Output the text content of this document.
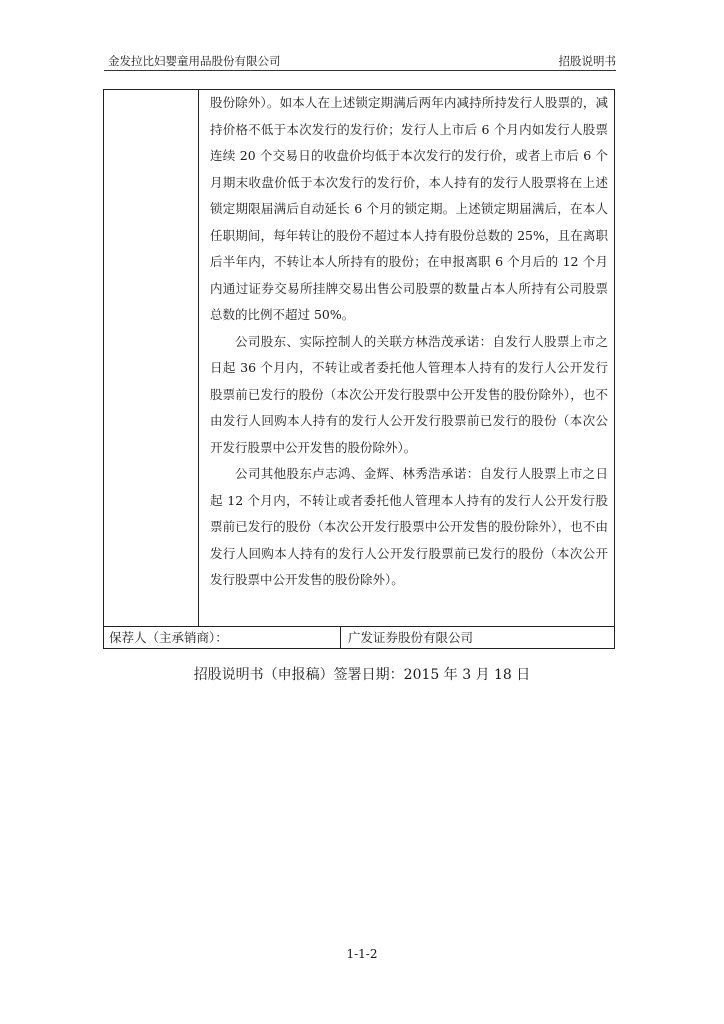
金发拉比妇婴童用品股份有限公司	招股说明书

股份除外）。如本人在上述锁定期满后两年内减持所持发行人股票的，减持价格不低于本次发行的发行价；发行人上市后 6 个月内如发行人股票连续 20 个交易日的收盘价均低于本次发行的发行价，或者上市后 6 个月期末收盘价低于本次发行的发行价，本人持有的发行人股票将在上述锁定期限届满后自动延长 6 个月的锁定期。上述锁定期届满后，在本人任职期间，每年转让的股份不超过本人持有股份总数的 25%，且在离职后半年内，不转让本人所持有的股份；在申报离职 6 个月后的 12 个月内通过证券交易所挂牌交易出售公司股票的数量占本人所持有公司股票总数的比例不超过 50%。

公司股东、实际控制人的关联方林浩茂承诺：自发行人股票上市之日起 36 个月内，不转让或者委托他人管理本人持有的发行人公开发行股票前已发行的股份（本次公开发行股票中公开发售的股份除外），也不由发行人回购本人持有的发行人公开发行股票前已发行的股份（本次公开发行股票中公开发售的股份除外）。

公司其他股东卢志鸿、金辉、林秀浩承诺：自发行人股票上市之日起 12 个月内，不转让或者委托他人管理本人持有的发行人公开发行股票前已发行的股份（本次公开发行股票中公开发售的股份除外），也不由发行人回购本人持有的发行人公开发行股票前已发行的股份（本次公开发行股票中公开发售的股份除外）。

保荐人（主承销商）：	广发证券股份有限公司
招股说明书（申报稿）签署日期：2015 年 3 月 18 日
1-1-2
